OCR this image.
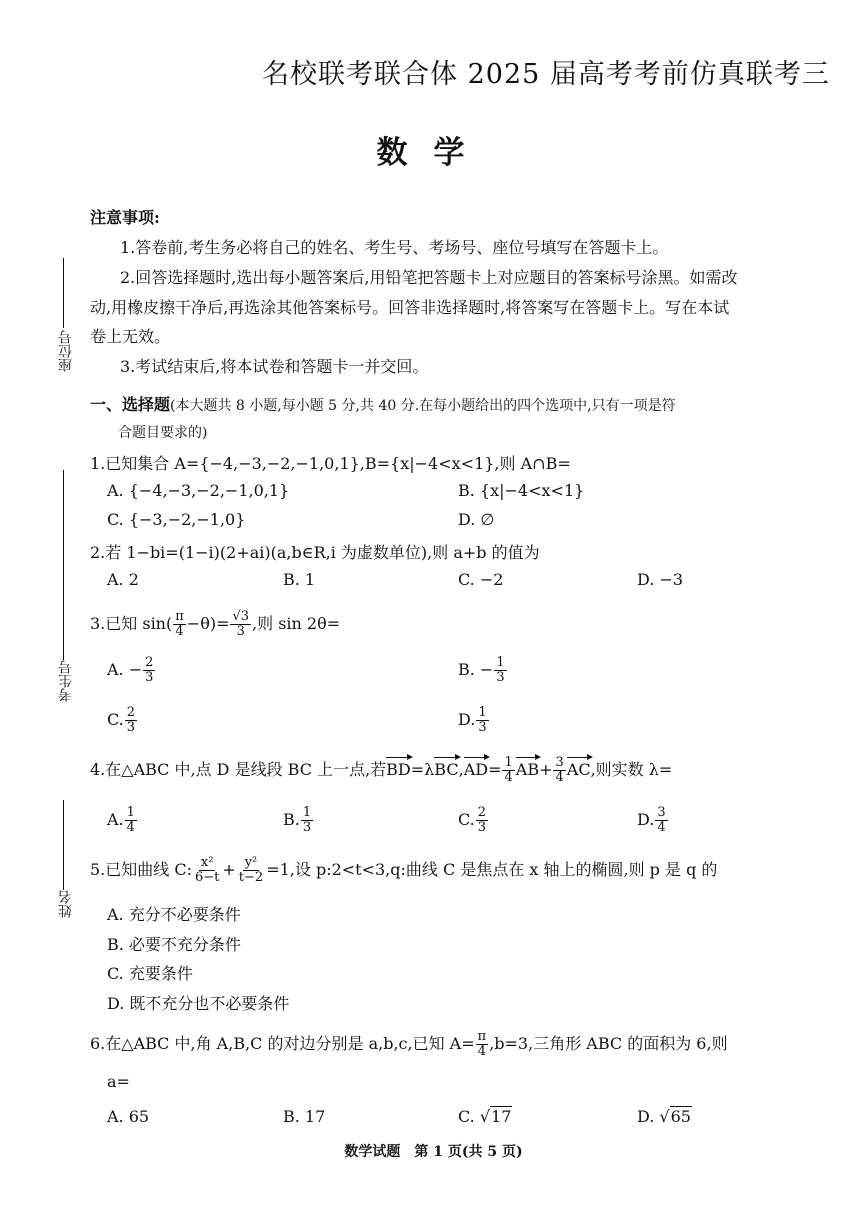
名校联考联合体 2025 届高考考前仿真联考三
数学
座位号
考生号
姓名
注意事项:
1.答卷前,考生务必将自己的姓名、考生号、考场号、座位号填写在答题卡上。
2.回答选择题时,选出每小题答案后,用铅笔把答题卡上对应题目的答案标号涂黑。如需改
动,用橡皮擦干净后,再选涂其他答案标号。回答非选择题时,将答案写在答题卡上。写在本试
卷上无效。
3.考试结束后,将本试卷和答题卡一并交回。
一、选择题(本大题共 8 小题,每小题 5 分,共 40 分.在每小题给出的四个选项中,只有一项是符
合题目要求的)
1.已知集合 A={−4,−3,−2,−1,0,1},B={x|−4<x<1},则 A∩B=
A. {−4,−3,−2,−1,0,1}	B. {x|−4<x<1}
C. {−3,−2,−1,0}	D. ∅
2.若 1−bi=(1−i)(2+ai)(a,b∈R,i 为虚数单位),则 a+b 的值为
A. 2	B. 1	C. −2	D. −3
3.已知 $\sin( \frac{\pi}{4} -\theta)= \frac{√3}{3}$ ,则 sin 2θ=
A. − $\frac{2}{3}$	B. − $\frac{1}{3}$
C. $\frac{2}{3}$	D. $\frac{1}{3}$
4.在△ABC 中,点 D 是线段 BC 上一点,若$BD=\lambda BC,AD= \frac{1}{4} AB+ \frac{3}{4}$ AC,则实数 λ=
A. $\frac{1}{4}$	B. $\frac{1}{3}$	C. $\frac{2}{3}$	D. $\frac{3}{4}$
5.已知曲线 C: $\frac{\text{x²}}{6-t} + \frac{\text{y²}}{t-2} =1$,设 p:2<t<3,q:曲线 C 是焦点在 x 轴上的椭圆,则 p 是 q 的
A. 充分不必要条件
B. 必要不充分条件
C. 充要条件
D. 既不充分也不必要条件
6.在△ABC 中,角 A,B,C 的对边分别是 a,b,c,已知 $A= \frac{\pi}{4} ,b=3$,三角形 ABC 的面积为 6,则
a=
A. 65	B. 17	C. √17	D. √65
数学试题　第 1 页(共 5 页)
